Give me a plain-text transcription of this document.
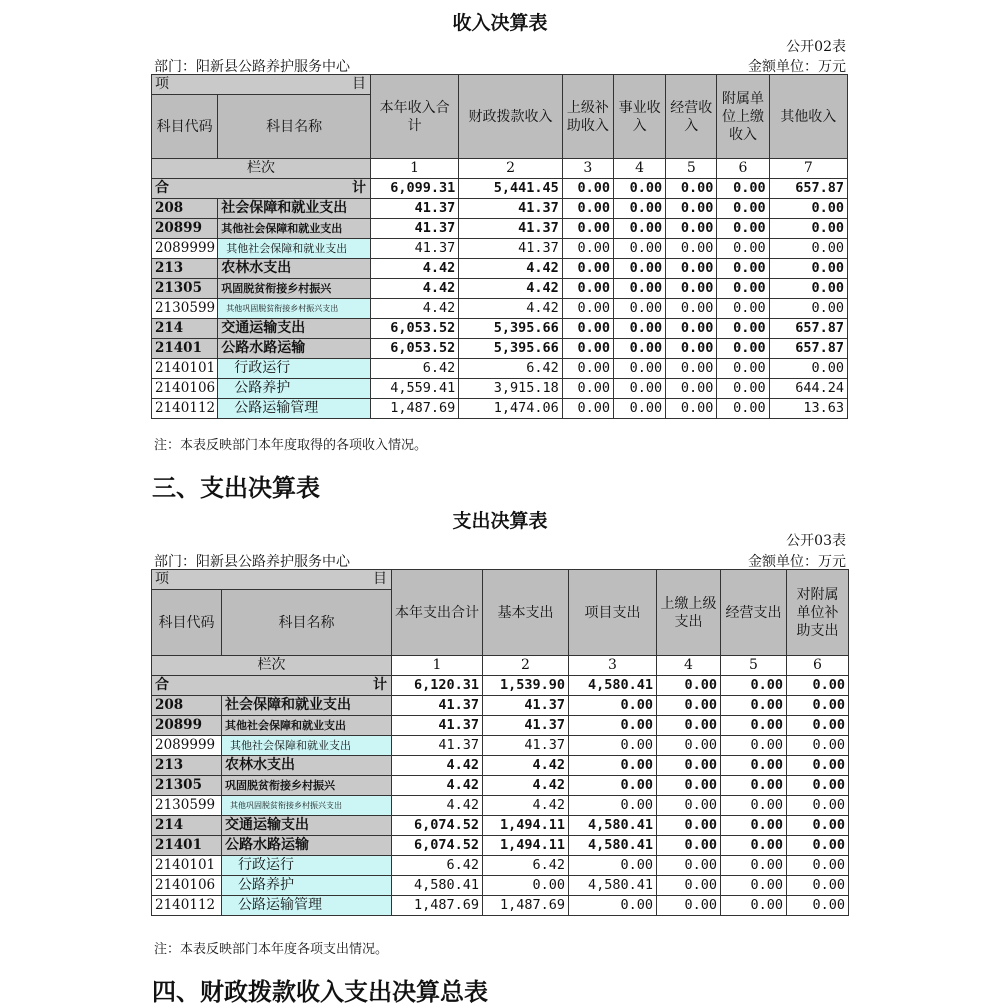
收入决算表
公开02表
部门：阳新县公路养护服务中心	金额单位：万元
项 目		本年收入合计	财政拨款收入	上级补助收入	事业收入	经营收入	附属单位上缴收入	其他收入
科目代码	科目名称							
栏次		1	2	3	4	5	6	7
合 计		6,099.31	5,441.45	0.00	0.00	0.00	0.00	657.87
208	社会保障和就业支出	41.37	41.37	0.00	0.00	0.00	0.00	0.00
20899	其他社会保障和就业支出	41.37	41.37	0.00	0.00	0.00	0.00	0.00
2089999	其他社会保障和就业支出	41.37	41.37	0.00	0.00	0.00	0.00	0.00
213	农林水支出	4.42	4.42	0.00	0.00	0.00	0.00	0.00
21305	巩固脱贫衔接乡村振兴	4.42	4.42	0.00	0.00	0.00	0.00	0.00
2130599	其他巩固脱贫衔接乡村振兴支出	4.42	4.42	0.00	0.00	0.00	0.00	0.00
214	交通运输支出	6,053.52	5,395.66	0.00	0.00	0.00	0.00	657.87
21401	公路水路运输	6,053.52	5,395.66	0.00	0.00	0.00	0.00	657.87
2140101	行政运行	6.42	6.42	0.00	0.00	0.00	0.00	0.00
2140106	公路养护	4,559.41	3,915.18	0.00	0.00	0.00	0.00	644.24
2140112	公路运输管理	1,487.69	1,474.06	0.00	0.00	0.00	0.00	13.63
注：本表反映部门本年度取得的各项收入情况。
三、支出决算表
支出决算表
公开03表
部门：阳新县公路养护服务中心	金额单位：万元
项 目		本年支出合计	基本支出	项目支出	上缴上级支出	经营支出	对附属单位补助支出
科目代码	科目名称						
栏次		1	2	3	4	5	6
合 计		6,120.31	1,539.90	4,580.41	0.00	0.00	0.00
208	社会保障和就业支出	41.37	41.37	0.00	0.00	0.00	0.00
20899	其他社会保障和就业支出	41.37	41.37	0.00	0.00	0.00	0.00
2089999	其他社会保障和就业支出	41.37	41.37	0.00	0.00	0.00	0.00
213	农林水支出	4.42	4.42	0.00	0.00	0.00	0.00
21305	巩固脱贫衔接乡村振兴	4.42	4.42	0.00	0.00	0.00	0.00
2130599	其他巩固脱贫衔接乡村振兴支出	4.42	4.42	0.00	0.00	0.00	0.00
214	交通运输支出	6,074.52	1,494.11	4,580.41	0.00	0.00	0.00
21401	公路水路运输	6,074.52	1,494.11	4,580.41	0.00	0.00	0.00
2140101	行政运行	6.42	6.42	0.00	0.00	0.00	0.00
2140106	公路养护	4,580.41	0.00	4,580.41	0.00	0.00	0.00
2140112	公路运输管理	1,487.69	1,487.69	0.00	0.00	0.00	0.00
注：本表反映部门本年度各项支出情况。
四、财政拨款收入支出决算总表
